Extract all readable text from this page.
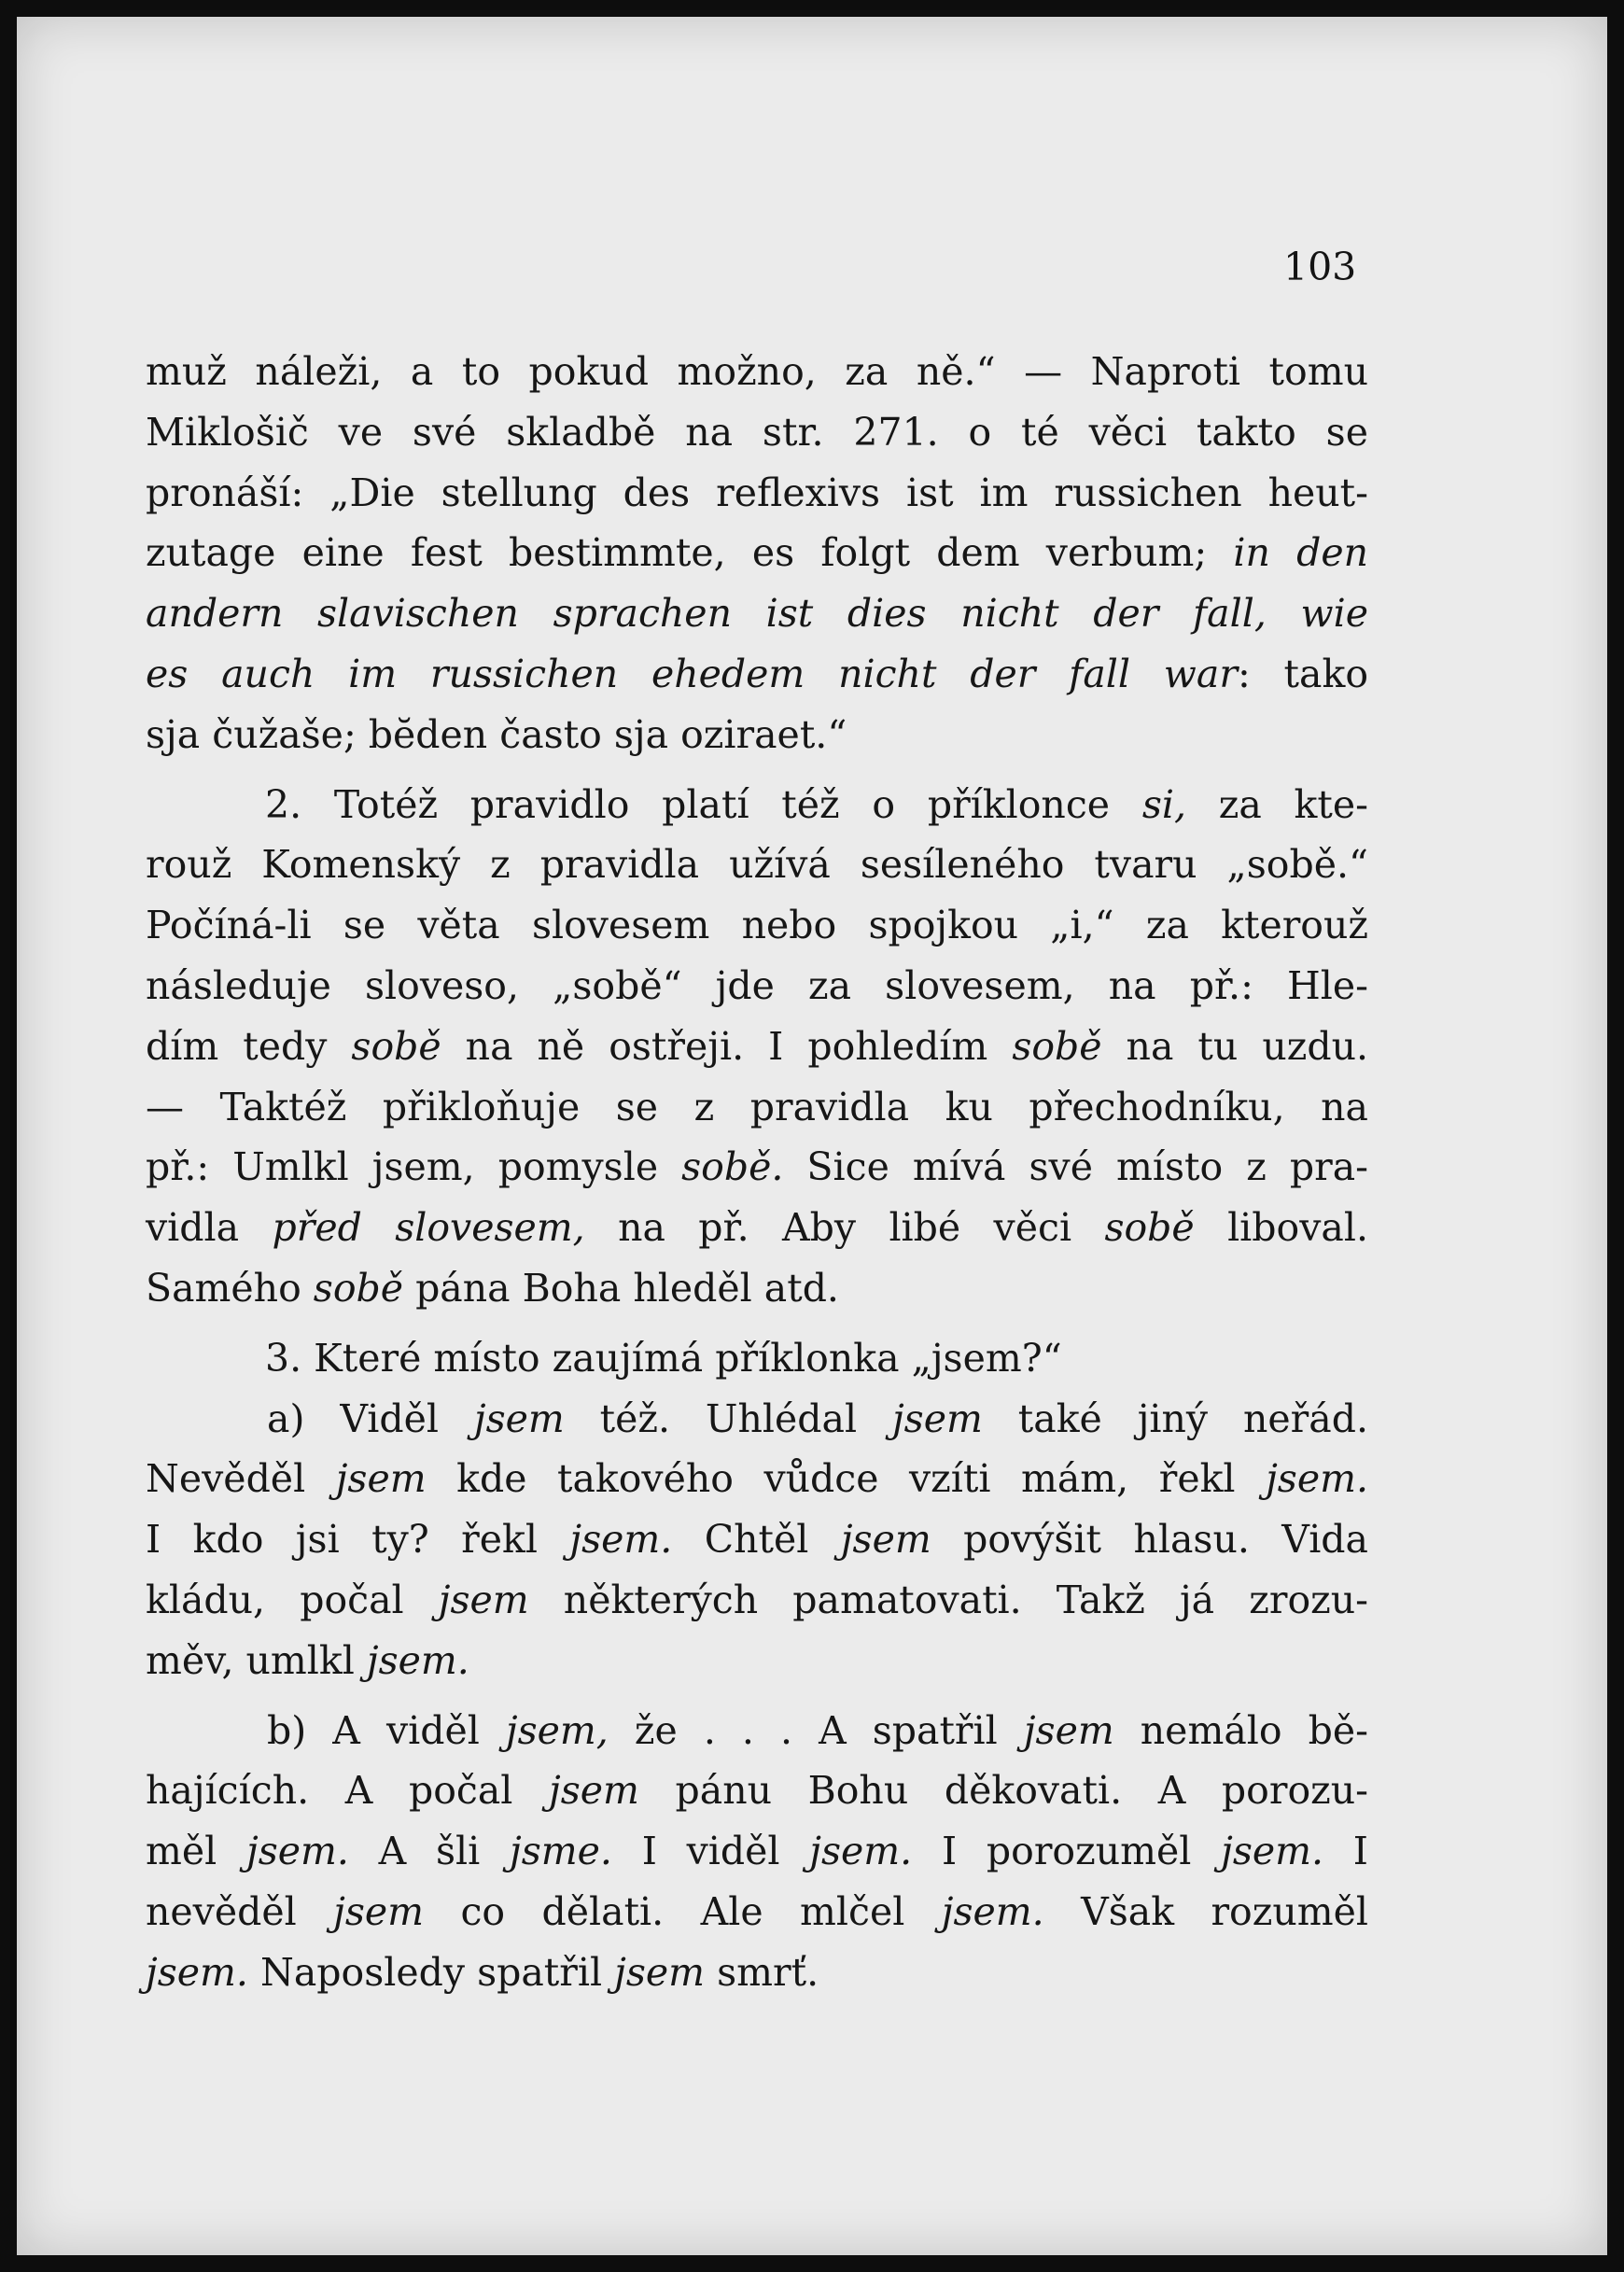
103
muž náleži, a to pokud možno, za ně.“ — Naproti tomu
Miklošič ve své skladbě na str. 271. o té věci takto se
pronáší: „Die stellung des reflexivs ist im russichen heut-
zutage eine fest bestimmte, es folgt dem verbum; in den
andern slavischen sprachen ist dies nicht der fall, wie
es auch im russichen ehedem nicht der fall war: tako
sja čužaše; bĕden často sja oziraet.“
2. Totéž pravidlo platí též o příklonce si, za kte-
rouž Komenský z pravidla užívá sesíleného tvaru „sobě.“
Počíná-li se věta slovesem nebo spojkou „i,“ za kterouž
následuje sloveso, „sobě“ jde za slovesem, na př.: Hle-
dím tedy sobě na ně ostřeji. I pohledím sobě na tu uzdu.
— Taktéž přikloňuje se z pravidla ku přechodníku, na
př.: Umlkl jsem, pomysle sobě. Sice mívá své místo z pra-
vidla před slovesem, na př. Aby libé věci sobě liboval.
Samého sobě pána Boha hleděl atd.
3. Které místo zaujímá příklonka „jsem?“
a) Viděl jsem též. Uhlédal jsem také jiný neřád.
Nevěděl jsem kde takového vůdce vzíti mám, řekl jsem.
I kdo jsi ty? řekl jsem. Chtěl jsem povýšit hlasu. Vida
kládu, počal jsem některých pamatovati. Takž já zrozu-
měv, umlkl jsem.
b) A viděl jsem, že . . . A spatřil jsem nemálo bě-
hajících. A počal jsem pánu Bohu děkovati. A porozu-
měl jsem. A šli jsme. I viděl jsem. I porozuměl jsem. I
nevěděl jsem co dělati. Ale mlčel jsem. Však rozuměl
jsem. Naposledy spatřil jsem smrť.
